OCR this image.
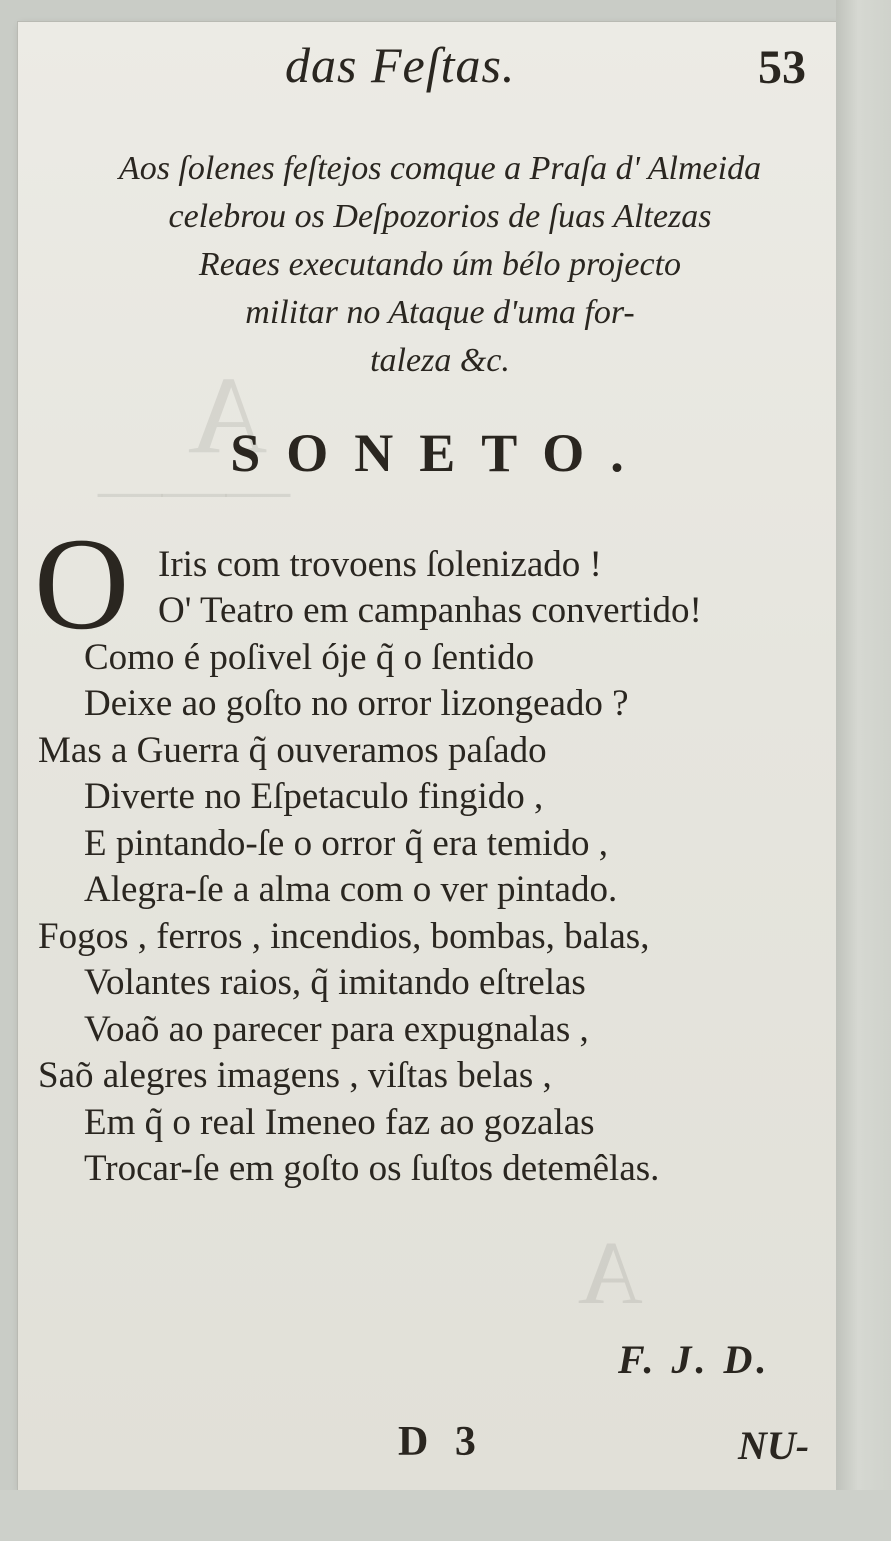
A
———
A
das Feſtas.	53
Aos ſolenes feſtejos comque a Praſa d' Almeida
celebrou os Deſpozorios de ſuas Altezas
Reaes executando úm bélo projecto
militar no Ataque d'uma for-
taleza &c.
SONETO.
O Iris com trovoens ſolenizado !
O' Teatro em campanhas convertido!
Como é poſivel óje q̃ o ſentido
Deixe ao goſto no orror lizongeado ?
Mas a Guerra q̃ ouveramos paſado
Diverte no Eſpetaculo fingido ,
E pintando-ſe o orror q̃ era temido ,
Alegra-ſe a alma com o ver pintado.
Fogos , ferros , incendios, bombas, balas,
Volantes raios, q̃ imitando eſtrelas
Voaõ ao parecer para expugnalas ,
Saõ alegres imagens , viſtas belas ,
Em q̃ o real Imeneo faz ao gozalas
Trocar-ſe em goſto os ſuſtos detemêlas.
F. J. D.
D 3	NU-
